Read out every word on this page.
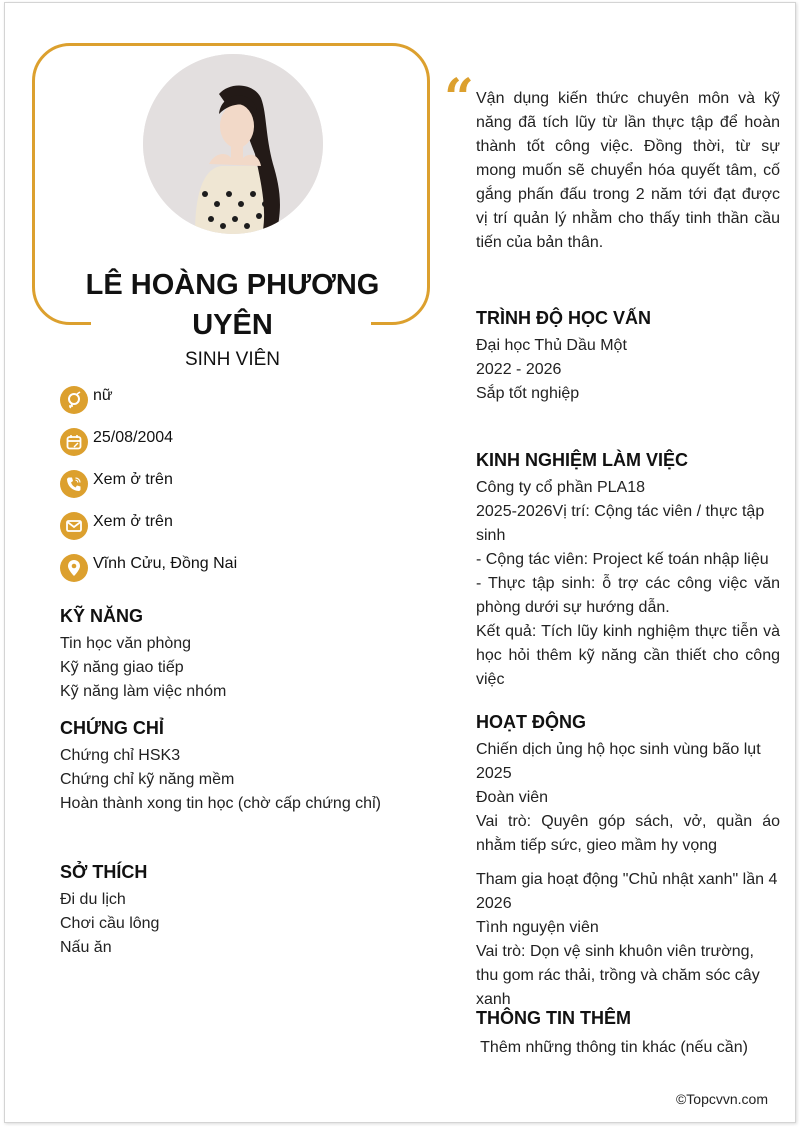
LÊ HOÀNG PHƯƠNG UYÊN
SINH VIÊN
nữ
25/08/2004
Xem ở trên
Xem ở trên
Vĩnh Cửu, Đồng Nai
KỸ NĂNG
Tin học văn phòng
Kỹ năng giao tiếp
Kỹ năng làm việc nhóm
CHỨNG CHỈ
Chứng chỉ HSK3
Chứng chỉ kỹ năng mềm
Hoàn thành xong tin học (chờ cấp chứng chỉ)
SỞ THÍCH
Đi du lịch
Chơi cầu lông
Nấu ăn
“ Vận dụng kiến thức chuyên môn và kỹ năng đã tích lũy từ lần thực tập để hoàn thành tốt công việc. Đồng thời, từ sự mong muốn sẽ chuyển hóa quyết tâm, cố gắng phấn đấu trong 2 năm tới đạt được vị trí quản lý nhằm cho thấy tinh thần cầu tiến của bản thân.
TRÌNH ĐỘ HỌC VẤN
Đại học Thủ Dầu Một
2022 - 2026
Sắp tốt nghiệp
KINH NGHIỆM LÀM VIỆC
Công ty cổ phần PLA18
2025-2026Vị trí: Cộng tác viên / thực tập sinh
- Cộng tác viên: Project kế toán nhập liệu
- Thực tập sinh: ỗ trợ các công việc văn phòng dưới sự hướng dẫn.
Kết quả: Tích lũy kinh nghiệm thực tiễn và học hỏi thêm kỹ năng cần thiết cho công việc
HOẠT ĐỘNG
Chiến dịch ủng hộ học sinh vùng bão lụt
2025
Đoàn viên
Vai trò: Quyên góp sách, vở, quần áo nhằm tiếp sức, gieo mầm hy vọng
Tham gia hoạt động "Chủ nhật xanh" lần 4
2026
Tình nguyện viên
Vai trò: Dọn vệ sinh khuôn viên trường, thu gom rác thải, trồng và chăm sóc cây xanh
THÔNG TIN THÊM
Thêm những thông tin khác (nếu cần)
©Topcvvn.com
